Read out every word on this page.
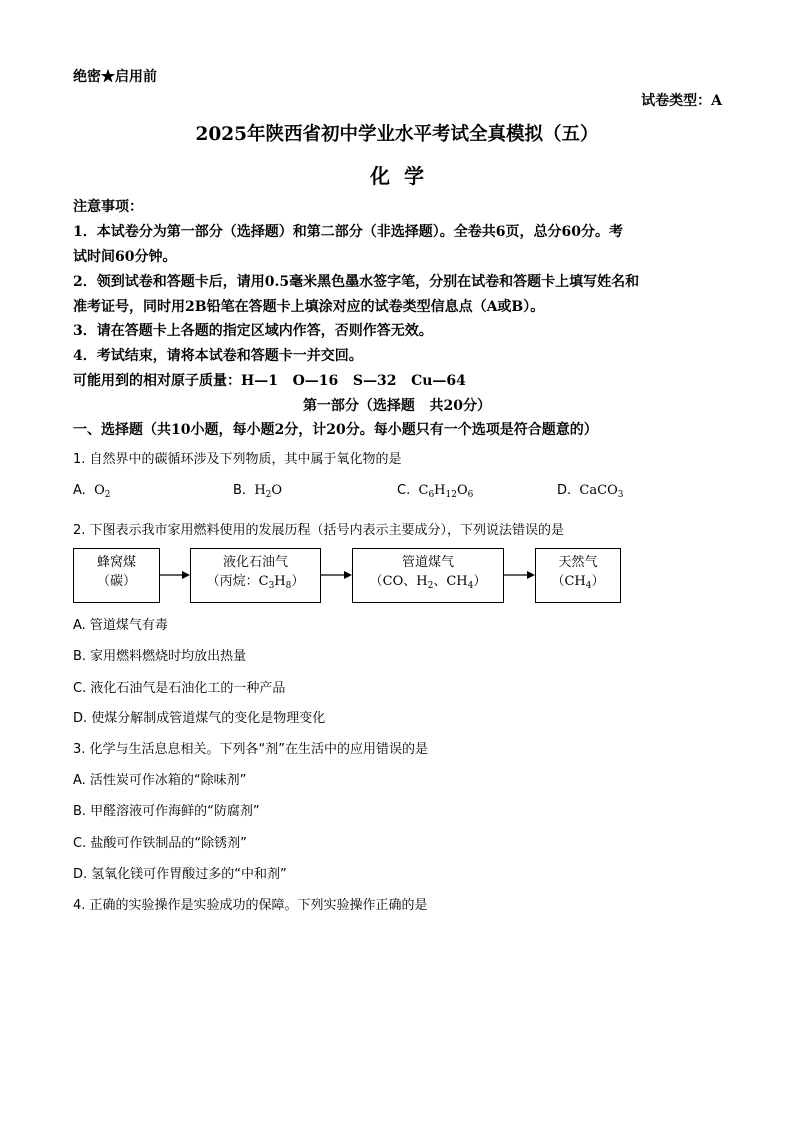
绝密★启用前
试卷类型：A
2025年陕西省初中学业水平考试全真模拟（五）
化  学
注意事项：
1．本试卷分为第一部分（选择题）和第二部分（非选择题）。全卷共6页，总分60分。考
试时间60分钟。
2．领到试卷和答题卡后，请用0.5毫米黑色墨水签字笔，分别在试卷和答题卡上填写姓名和
准考证号，同时用2B铅笔在答题卡上填涂对应的试卷类型信息点（A或B）。
3．请在答题卡上各题的指定区域内作答，否则作答无效。
4．考试结束，请将本试卷和答题卡一并交回。
可能用到的相对原子质量：H—1   O—16   S—32   Cu—64
第一部分（选择题   共20分）
一、选择题（共10小题，每小题2分，计20分。每小题只有一个选项是符合题意的）
1. 自然界中的碳循环涉及下列物质，其中属于氧化物的是
A. $O_2$	B. $H_2O$	C. $C_6H_{12}O_6$	D. CaCO$_3$
2. 下图表示我市家用燃料使用的发展历程（括号内表示主要成分），下列说法错误的是
蜂窝煤
（碳）
液化石油气
（丙烷：$C_3H_8$）
管道煤气
（CO、$H_2$、$CH_4$）
天然气
$(CH_4)$
A. 管道煤气有毒
B. 家用燃料燃烧时均放出热量
C. 液化石油气是石油化工的一种产品
D. 使煤分解制成管道煤气的变化是物理变化
3. 化学与生活息息相关。下列各“剂”在生活中的应用错误的是
A. 活性炭可作冰箱的“除味剂”
B. 甲醛溶液可作海鲜的“防腐剂”
C. 盐酸可作铁制品的“除锈剂”
D. 氢氧化镁可作胃酸过多的“中和剂”
4. 正确的实验操作是实验成功的保障。下列实验操作正确的是
